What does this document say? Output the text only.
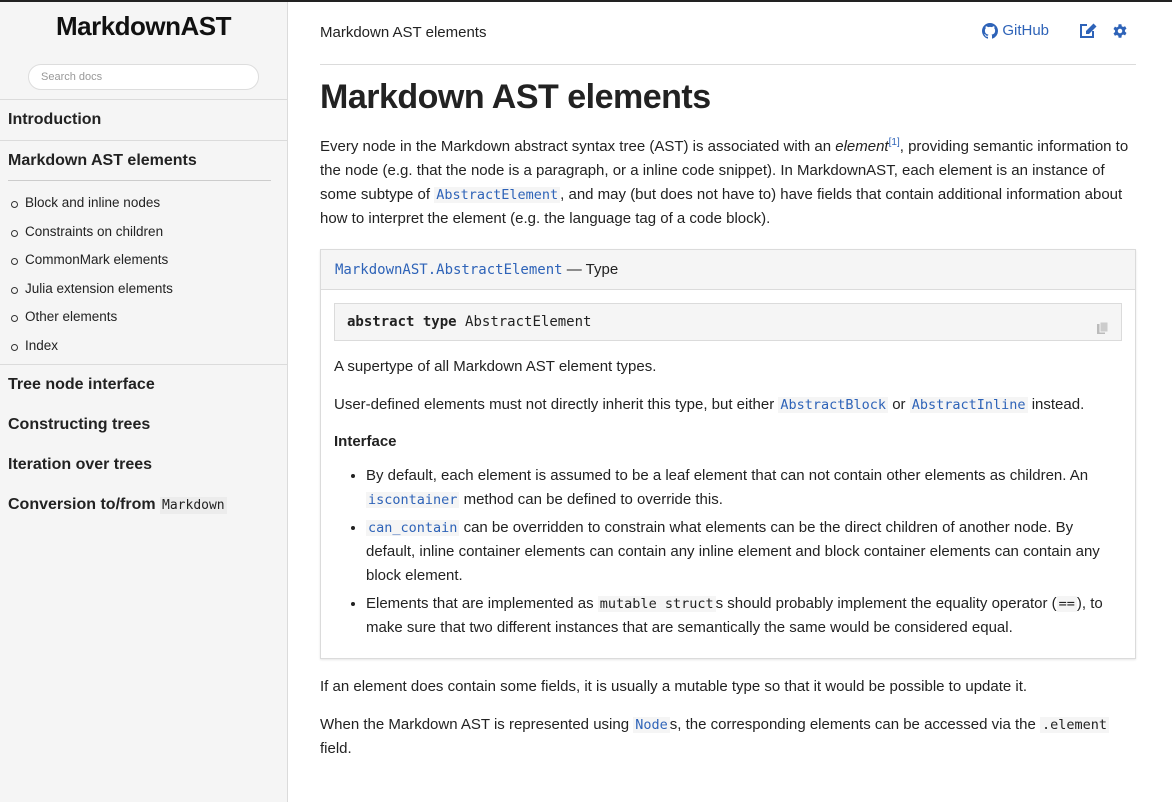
MarkdownAST
Search docs
Introduction
Markdown AST elements
Block and inline nodes
Constraints on children
CommonMark elements
Julia extension elements
Other elements
Index
Tree node interface
Constructing trees
Iteration over trees
Conversion to/from Markdown
Markdown AST elements	GitHub
Markdown AST elements

Every node in the Markdown abstract syntax tree (AST) is associated with an element[1], providing semantic information to the node (e.g. that the node is a paragraph, or a inline code snippet). In MarkdownAST, each element is an instance of some subtype of AbstractElement , and may (but does not have to) have fields that contain additional information about how to interpret the element (e.g. the language tag of a code block).

MarkdownAST.AbstractElement — Type
abstract type AbstractElement

A supertype of all Markdown AST element types.

User-defined elements must not directly inherit this type, but either AbstractBlock or AbstractInline instead.

Interface
• By default, each element is assumed to be a leaf element that can not contain other elements as children. An iscontainer method can be defined to override this.
• can_contain can be overridden to constrain what elements can be the direct children of another node. By default, inline container elements can contain any inline element and block container elements can contain any block element.
• Elements that are implemented as mutable struct s should probably implement the equality operator ( == ), to make sure that two different instances that are semantically the same would be considered equal.

If an element does contain some fields, it is usually a mutable type so that it would be possible to update it.

When the Markdown AST is represented using Node s, the corresponding elements can be accessed via the .element field.
